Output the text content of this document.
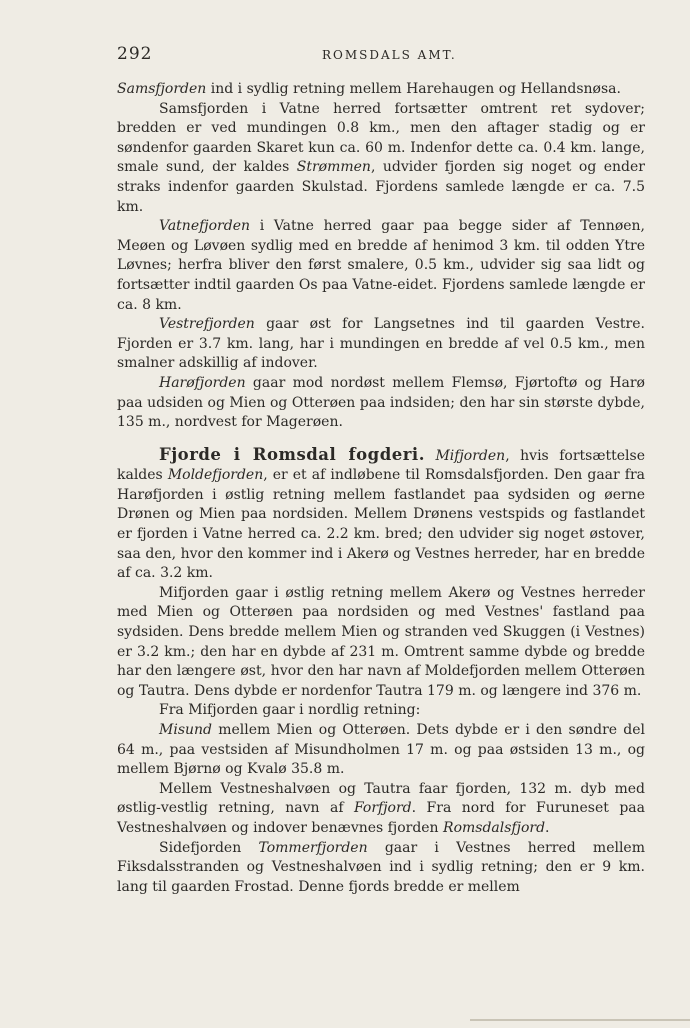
292	ROMSDALS AMT.

Samsfjorden ind i sydlig retning mellem Harehaugen og Hellandsnøsa.

Samsfjorden i Vatne herred fortsætter omtrent ret sydover; bredden er ved mundingen 0.8 km., men den aftager stadig og er søndenfor gaarden Skaret kun ca. 60 m. Indenfor dette ca. 0.4 km. lange, smale sund, der kaldes Strømmen, udvider fjorden sig noget og ender straks indenfor gaarden Skulstad. Fjordens samlede længde er ca. 7.5 km.

Vatnefjorden i Vatne herred gaar paa begge sider af Tennøen, Meøen og Løvøen sydlig med en bredde af henimod 3 km. til odden Ytre Løvnes; herfra bliver den først smalere, 0.5 km., udvider sig saa lidt og fortsætter indtil gaarden Os paa Vatne-eidet. Fjordens samlede længde er ca. 8 km.

Vestrefjorden gaar øst for Langsetnes ind til gaarden Vestre. Fjorden er 3.7 km. lang, har i mundingen en bredde af vel 0.5 km., men smalner adskillig af indover.

Harøfjorden gaar mod nordøst mellem Flemsø, Fjørtoftø og Harø paa udsiden og Mien og Otterøen paa indsiden; den har sin største dybde, 135 m., nordvest for Magerøen.

Fjorde i Romsdal fogderi. Mifjorden, hvis fortsættelse kaldes Moldefjorden, er et af indløbene til Romsdalsfjorden. Den gaar fra Harøfjorden i østlig retning mellem fastlandet paa sydsiden og øerne Drønen og Mien paa nordsiden. Mellem Drønens vestspids og fastlandet er fjorden i Vatne herred ca. 2.2 km. bred; den udvider sig noget østover, saa den, hvor den kommer ind i Akerø og Vestnes herreder, har en bredde af ca. 3.2 km.

Mifjorden gaar i østlig retning mellem Akerø og Vestnes herreder med Mien og Otterøen paa nordsiden og med Vestnes' fastland paa sydsiden. Dens bredde mellem Mien og stranden ved Skuggen (i Vestnes) er 3.2 km.; den har en dybde af 231 m. Omtrent samme dybde og bredde har den længere øst, hvor den har navn af Moldefjorden mellem Otterøen og Tautra. Dens dybde er nordenfor Tautra 179 m. og længere ind 376 m.

Fra Mifjorden gaar i nordlig retning:

Misund mellem Mien og Otterøen. Dets dybde er i den søndre del 64 m., paa vestsiden af Misundholmen 17 m. og paa østsiden 13 m., og mellem Bjørnø og Kvalø 35.8 m.

Mellem Vestneshalvøen og Tautra faar fjorden, 132 m. dyb med østlig-vestlig retning, navn af Forfjord. Fra nord for Furuneset paa Vestneshalvøen og indover benævnes fjorden Romsdalsfjord.

Sidefjorden Tommerfjorden gaar i Vestnes herred mellem Fiksdalsstranden og Vestneshalvøen ind i sydlig retning; den er 9 km. lang til gaarden Frostad. Denne fjords bredde er mellem
